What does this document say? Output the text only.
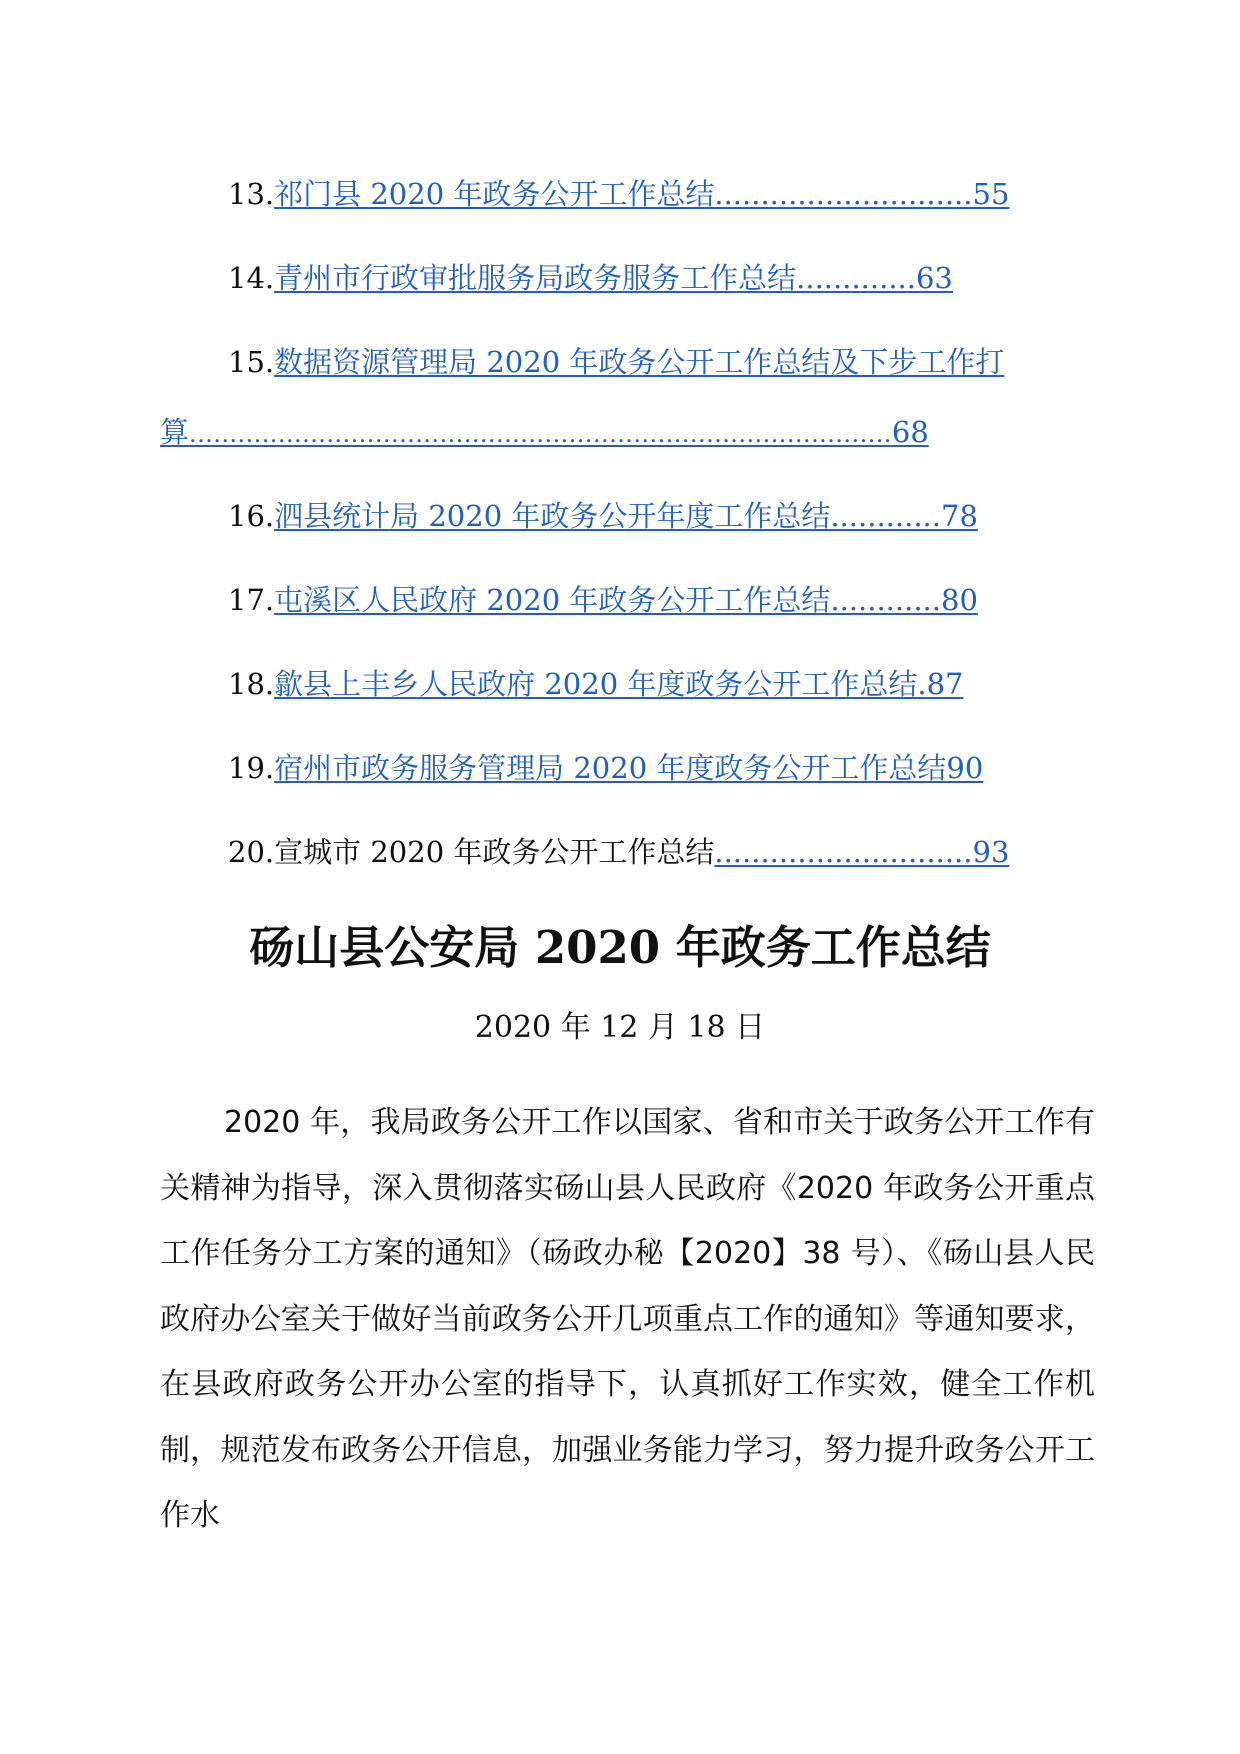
13.祁门县 2020 年政务公开工作总结............................55
14.青州市行政审批服务局政务服务工作总结.............63
15.数据资源管理局 2020 年政务公开工作总结及下步工作打
算.......................................................................................68
16.泗县统计局 2020 年政务公开年度工作总结............78
17.屯溪区人民政府 2020 年政务公开工作总结............80
18.歙县上丰乡人民政府 2020 年度政务公开工作总结.87
19.宿州市政务服务管理局 2020 年度政务公开工作总结90
20.宣城市 2020 年政务公开工作总结............................93
砀山县公安局 2020 年政务工作总结
2020 年 12 月 18 日
2020 年，我局政务公开工作以国家、省和市关于政务公开工作有关精神为指导，深入贯彻落实砀山县人民政府《2020 年政务公开重点工作任务分工方案的通知》（砀政办秘【2020】38 号）、《砀山县人民政府办公室关于做好当前政务公开几项重点工作的通知》等通知要求，在县政府政务公开办公室的指导下，认真抓好工作实效，健全工作机制，规范发布政务公开信息，加强业务能力学习，努力提升政务公开工作水
